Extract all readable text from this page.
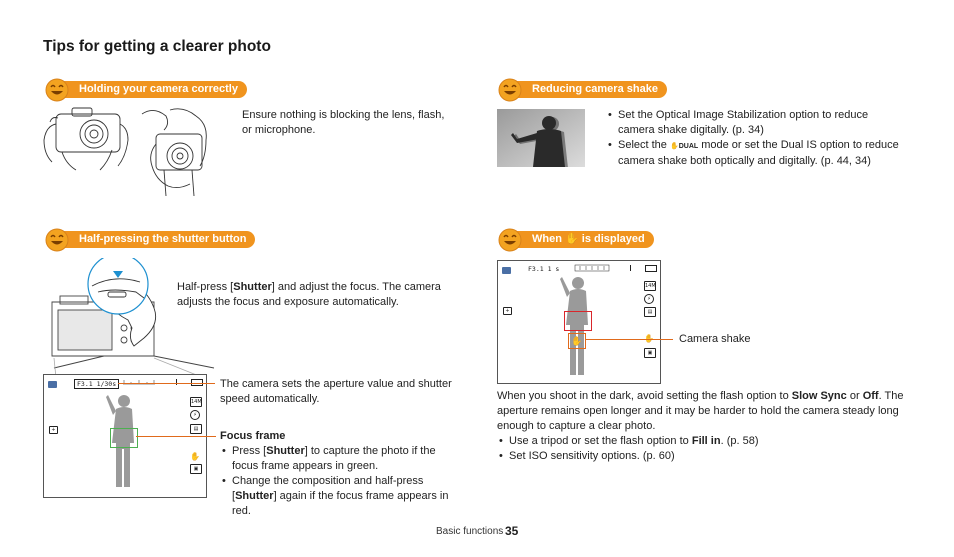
Tips for getting a clearer photo
Holding your camera correctly
Ensure nothing is blocking the lens, flash, or microphone.
Reducing camera shake
• Set the Optical Image Stabilization option to reduce camera shake digitally. (p. 34)
• Select the ✋DUAL mode or set the Dual IS option to reduce camera shake both optically and digitally. (p. 44, 34)
Half-pressing the shutter button
Half-press [Shutter] and adjust the focus. The camera adjusts the focus and exposure automatically.
F3.1 1/30s
14M
⚡
▤
✋
▣
+
The camera sets the aperture value and shutter speed automatically.
Focus frame
• Press [Shutter] to capture the photo if the focus frame appears in green.
• Change the composition and half-press [Shutter] again if the focus frame appears in red.
When ✋ is displayed
F3.1 1 s
14M
⚡
▤
▣
+
✋	Camera shake
When you shoot in the dark, avoid setting the flash option to Slow Sync or Off. The aperture remains open longer and it may be harder to hold the camera steady long enough to capture a clear photo.
• Use a tripod or set the flash option to Fill in. (p. 58)
• Set ISO sensitivity options. (p. 60)
Basic functions 35
